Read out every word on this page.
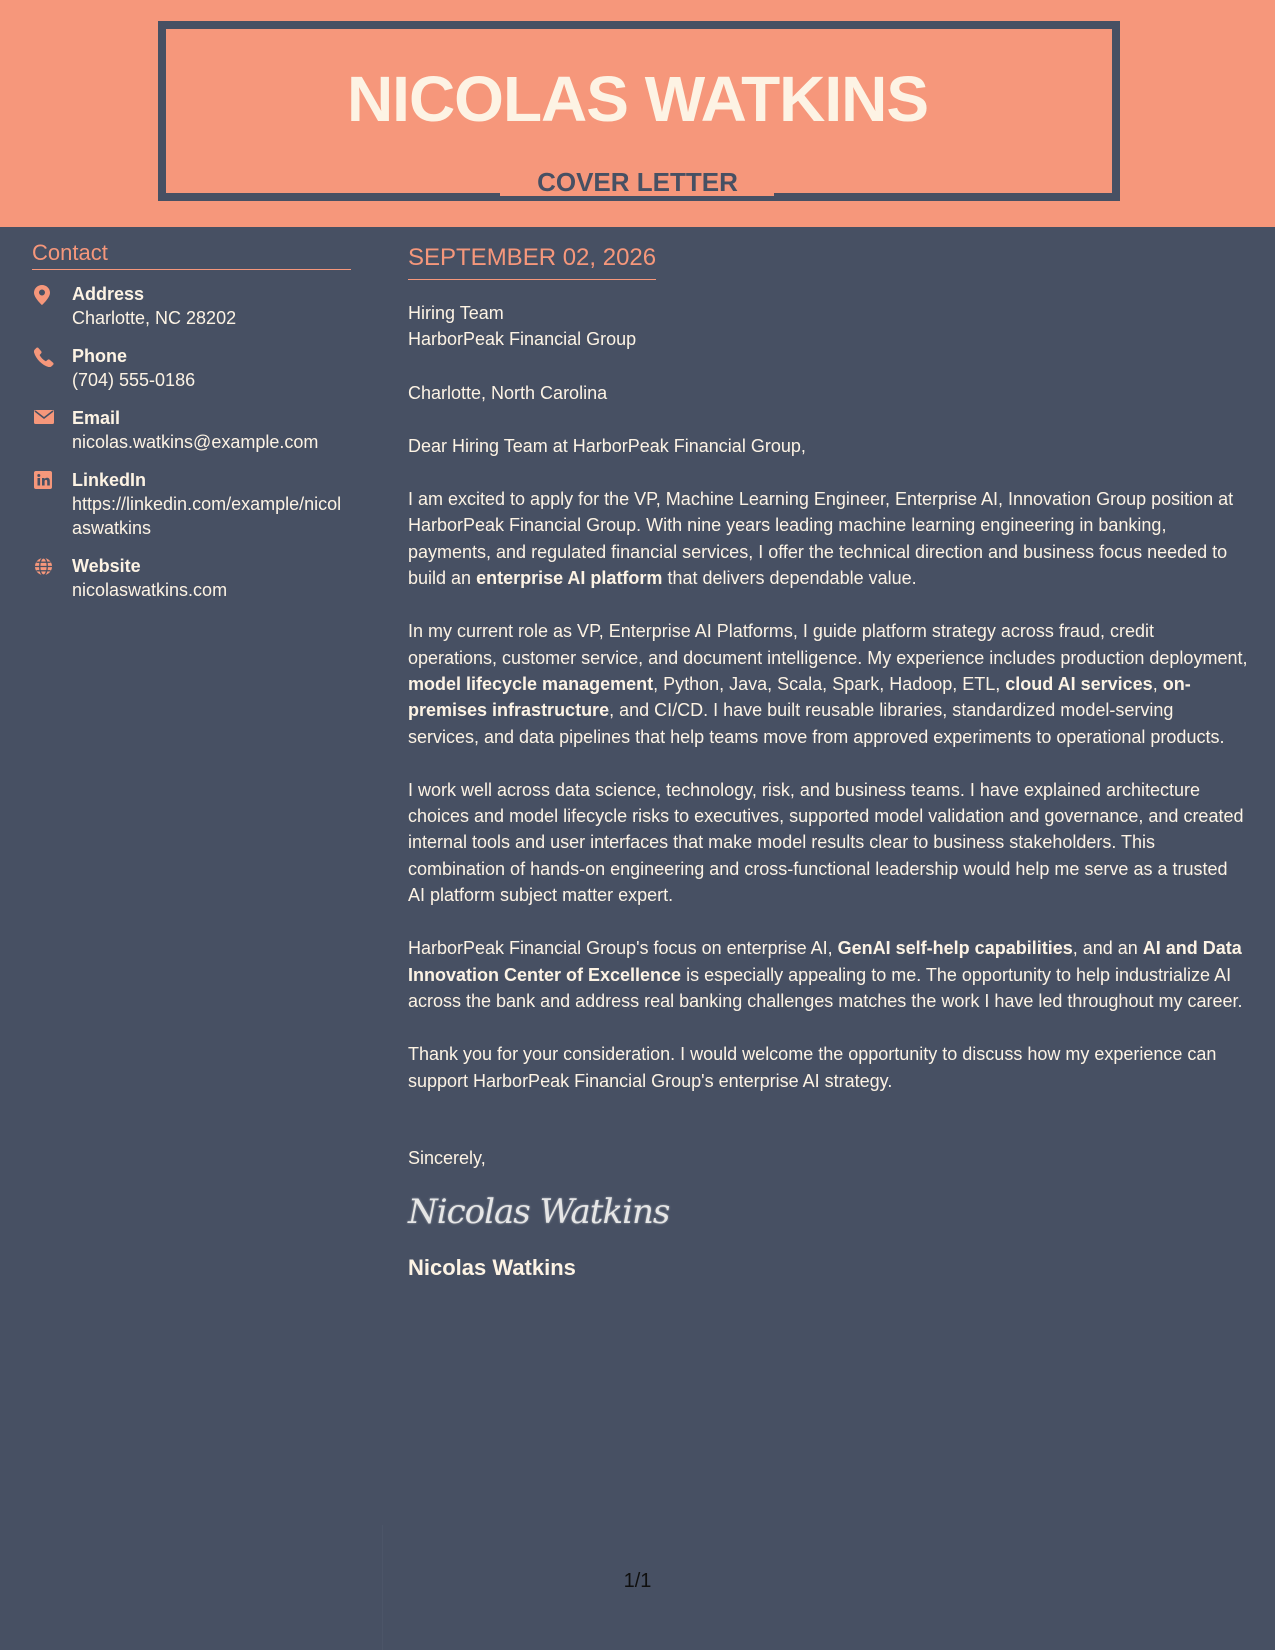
NICOLAS WATKINS
COVER LETTER
Contact
Address
Charlotte, NC 28202
Phone
(704) 555-0186
Email
nicolas.watkins@example.com
LinkedIn
https://linkedin.com/example/nicolaswatkins
Website
nicolaswatkins.com
SEPTEMBER 02, 2026
Hiring Team
HarborPeak Financial Group
Charlotte, North Carolina
Dear Hiring Team at HarborPeak Financial Group,

I am excited to apply for the VP, Machine Learning Engineer, Enterprise AI, Innovation Group position at HarborPeak Financial Group. With nine years leading machine learning engineering in banking, payments, and regulated financial services, I offer the technical direction and business focus needed to build an enterprise AI platform that delivers dependable value.

In my current role as VP, Enterprise AI Platforms, I guide platform strategy across fraud, credit operations, customer service, and document intelligence. My experience includes production deployment, model lifecycle management, Python, Java, Scala, Spark, Hadoop, ETL, cloud AI services, on-premises infrastructure, and CI/CD. I have built reusable libraries, standardized model-serving services, and data pipelines that help teams move from approved experiments to operational products.

I work well across data science, technology, risk, and business teams. I have explained architecture choices and model lifecycle risks to executives, supported model validation and governance, and created internal tools and user interfaces that make model results clear to business stakeholders. This combination of hands-on engineering and cross-functional leadership would help me serve as a trusted AI platform subject matter expert.

HarborPeak Financial Group's focus on enterprise AI, GenAI self-help capabilities, and an AI and Data Innovation Center of Excellence is especially appealing to me. The opportunity to help industrialize AI across the bank and address real banking challenges matches the work I have led throughout my career.

Thank you for your consideration. I would welcome the opportunity to discuss how my experience can support HarborPeak Financial Group's enterprise AI strategy.

Sincerely,
Nicolas Watkins
Nicolas Watkins
1/1
